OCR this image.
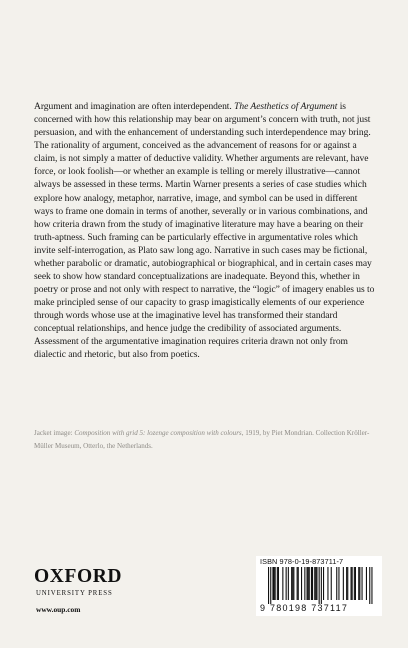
Argument and imagination are often interdependent. The Aesthetics of Argument is concerned with how this relationship may bear on argument’s concern with truth, not just persuasion, and with the enhancement of understanding such interdependence may bring. The rationality of argument, conceived as the advancement of reasons for or against a claim, is not simply a matter of deductive validity. Whether arguments are relevant, have force, or look foolish—or whether an example is telling or merely illustrative—cannot always be assessed in these terms. Martin Warner presents a series of case studies which explore how analogy, metaphor, narrative, image, and symbol can be used in different ways to frame one domain in terms of another, severally or in various combinations, and how criteria drawn from the study of imaginative literature may have a bearing on their truth-aptness. Such framing can be particularly effective in argumentative roles which invite self-interrogation, as Plato saw long ago. Narrative in such cases may be fictional, whether parabolic or dramatic, autobiographical or biographical, and in certain cases may seek to show how standard conceptualizations are inadequate. Beyond this, whether in poetry or prose and not only with respect to narrative, the “logic” of imagery enables us to make principled sense of our capacity to grasp imagistically elements of our experience through words whose use at the imaginative level has transformed their standard conceptual relationships, and hence judge the credibility of associated arguments. Assessment of the argumentative imagination requires criteria drawn not only from dialectic and rhetoric, but also from poetics.

Jacket image: Composition with grid 5: lozenge composition with colours, 1919, by Piet Mondrian. Collection Kröller-Müller Museum, Otterlo, the Netherlands.

OXFORD
UNIVERSITY PRESS
www.oup.com
ISBN 978-0-19-873711-7
9 780198 737117
